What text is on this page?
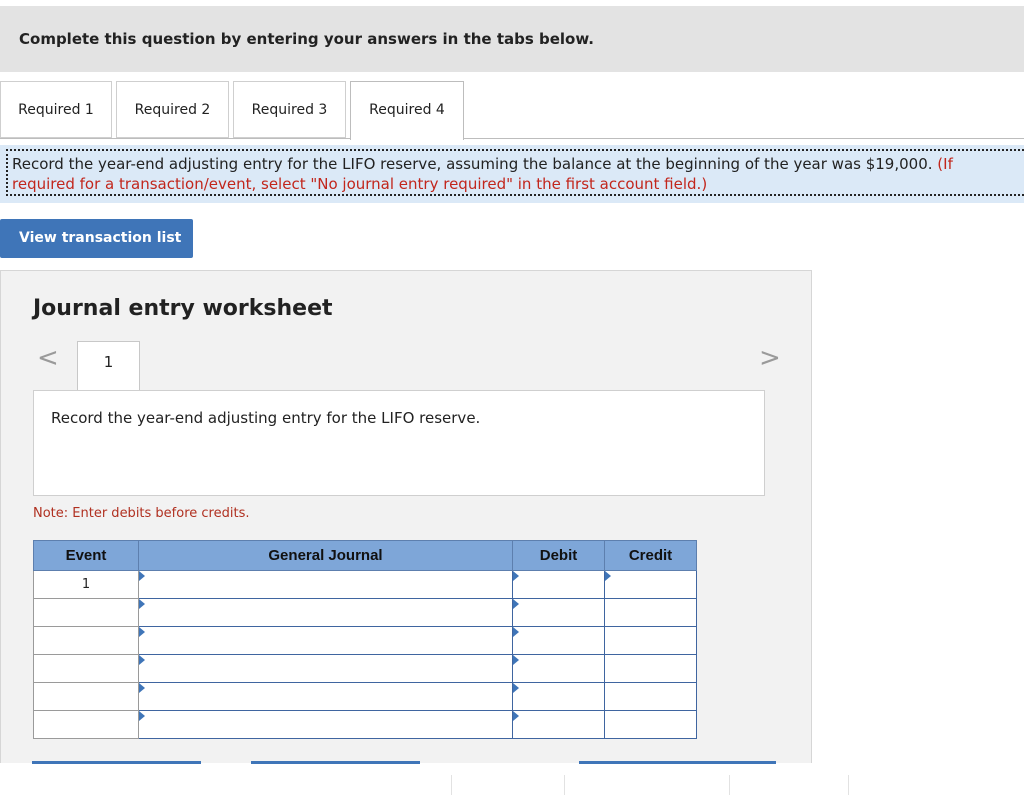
Complete this question by entering your answers in the tabs below.
Required 1	Required 2	Required 3	Required 4
Record the year-end adjusting entry for the LIFO reserve, assuming the balance at the beginning of the year was $19,000. (If
required for a transaction/event, select "No journal entry required" in the first account field.)
View transaction list
Journal entry worksheet
<	1	>
Record the year-end adjusting entry for the LIFO reserve.
Note: Enter debits before credits.
Event	General Journal	Debit	Credit
1	
